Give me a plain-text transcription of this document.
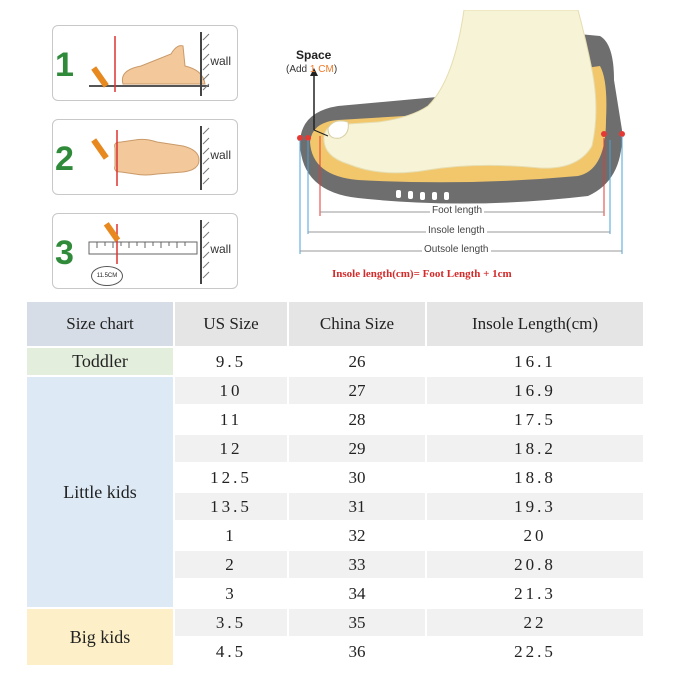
1	wall
2	wall
3	wall
11.5CM
Space
(Add 1 CM)
Foot length
Insole length
Outsole length
Insole length(cm)= Foot Length + 1cm
Size chart	US Size	China Size	Insole Length(cm)
Toddler	9.5	26	16.1
Little kids	10	27	16.9
	11	28	17.5
	12	29	18.2
	12.5	30	18.8
	13.5	31	19.3
	1	32	20
	2	33	20.8
	3	34	21.3
Big kids	3.5	35	22
	4.5	36	22.5
